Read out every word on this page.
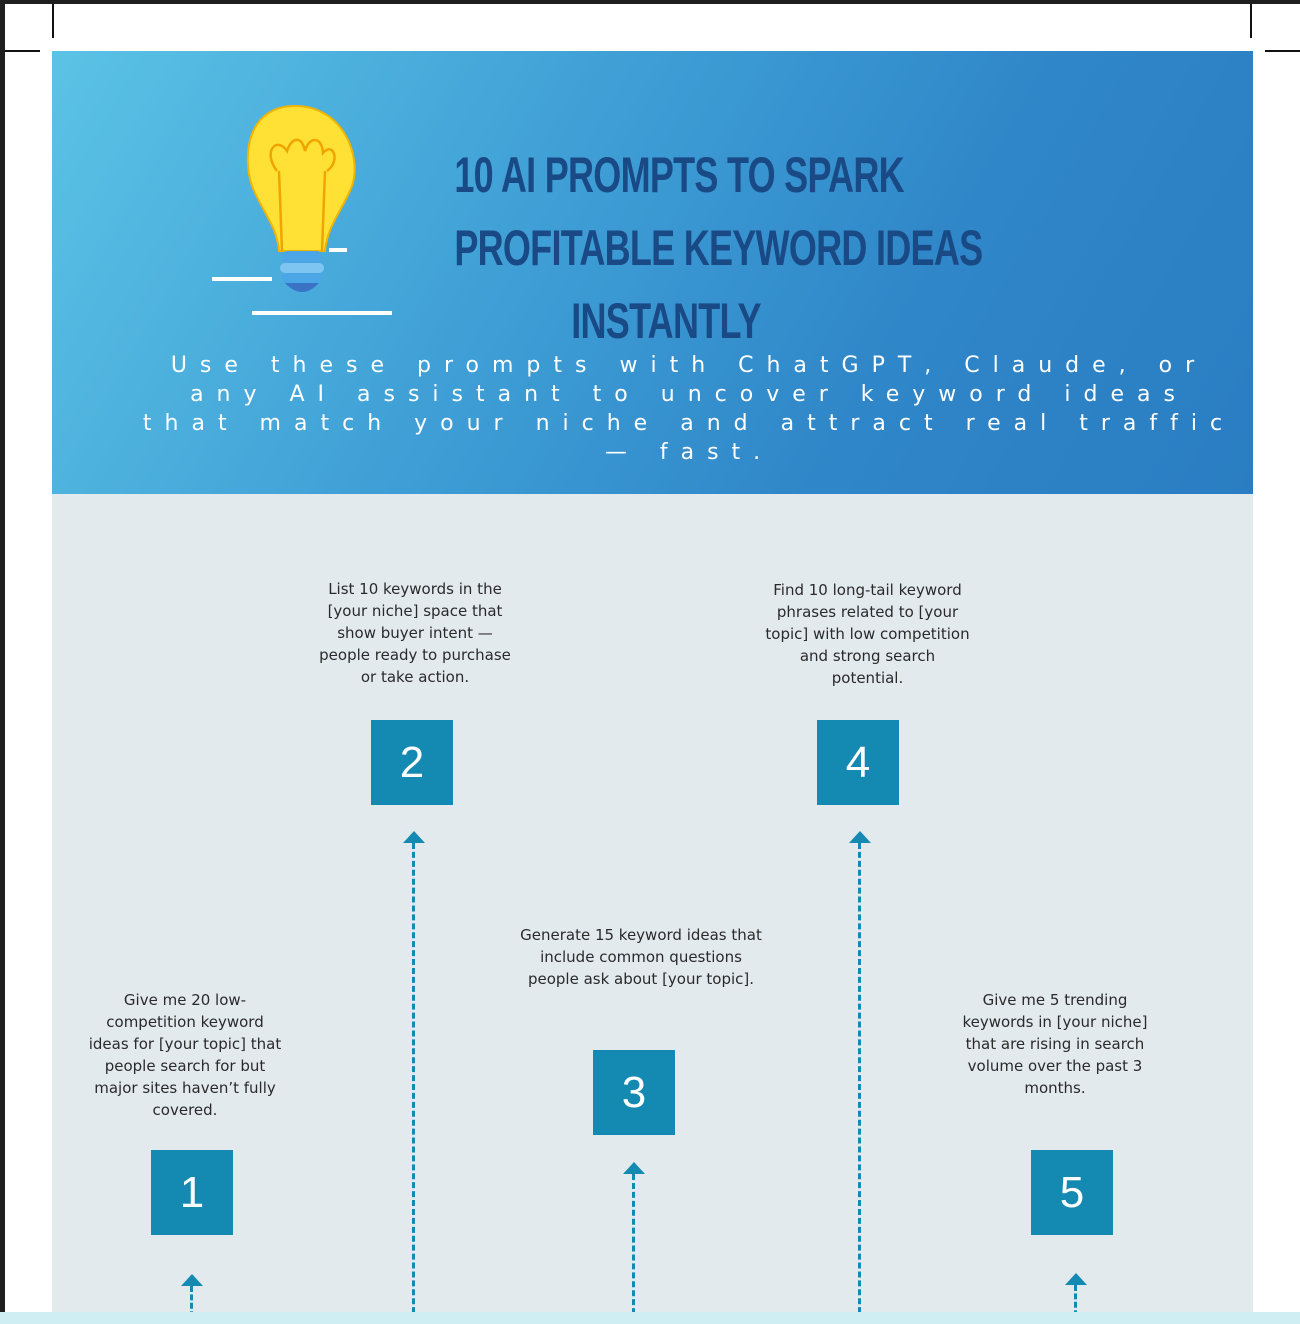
10 AI PROMPTS TO SPARK
PROFITABLE KEYWORD IDEAS
INSTANTLY
Use these prompts with ChatGPT, Claude, or any AI assistant to uncover keyword ideas that match your niche and attract real traffic — fast.
List 10 keywords in the [your niche] space that show buyer intent — people ready to purchase or take action.
2
Find 10 long-tail keyword phrases related to [your topic] with low competition and strong search potential.
4
Generate 15 keyword ideas that include common questions people ask about [your topic].
3
Give me 20 low-competition keyword ideas for [your topic] that people search for but major sites haven’t fully covered.
1
Give me 5 trending keywords in [your niche] that are rising in search volume over the past 3 months.
5
